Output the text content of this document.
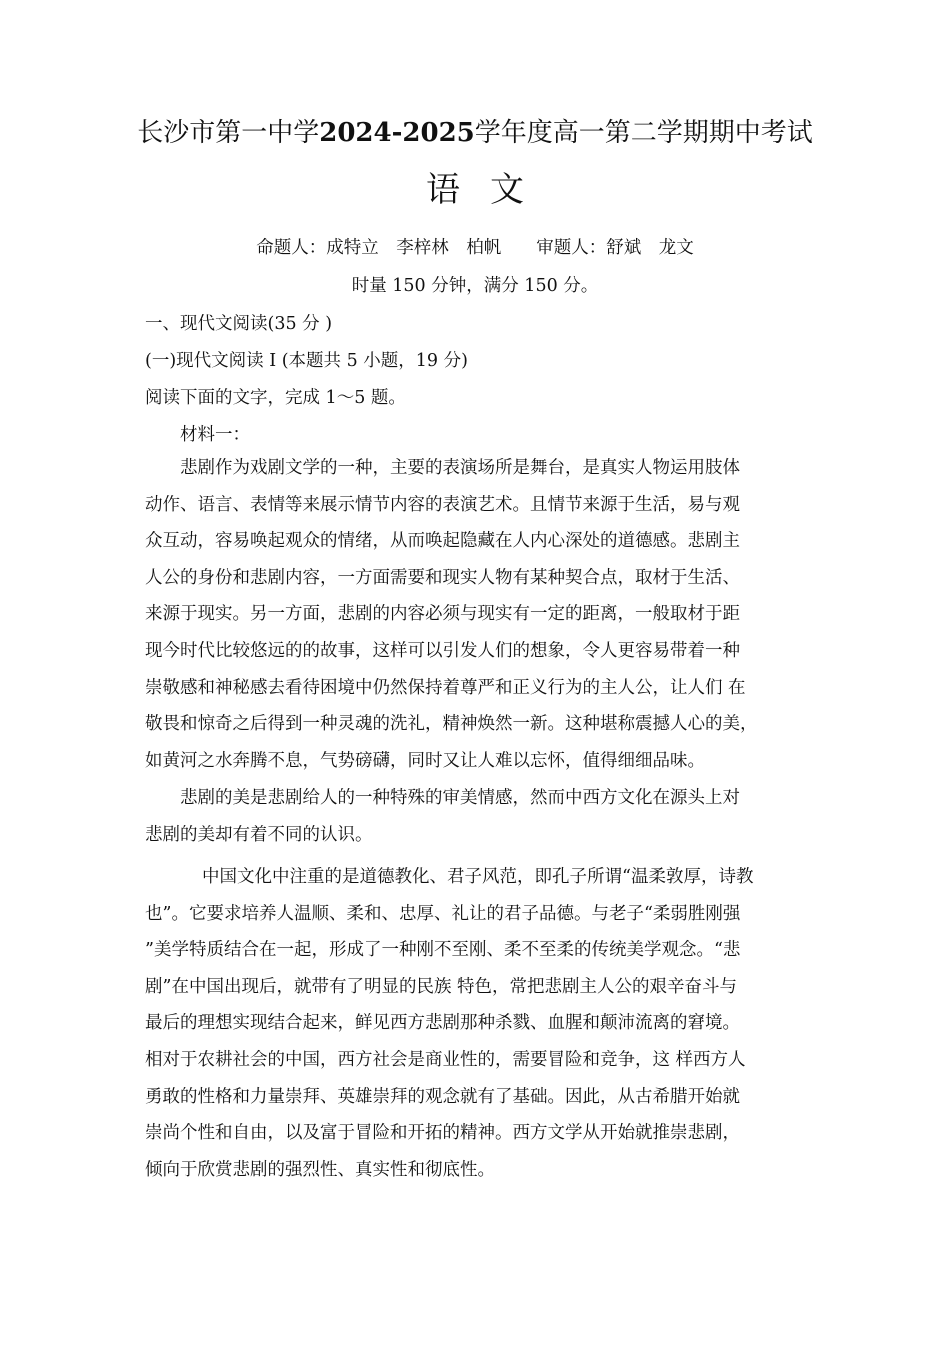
长沙市第一中学2024-2025学年度高一第二学期期中考试
语文
命题人：成特立　李梓林　柏帆　　审题人：舒斌　龙文
时量 150 分钟，满分 150 分。
一、现代文阅读(35 分 )
(一)现代文阅读 I (本题共 5 小题，19 分)
阅读下面的文字，完成 1～5 题。
材料一：
悲剧作为戏剧文学的一种，主要的表演场所是舞台，是真实人物运用肢体
动作、语言、表情等来展示情节内容的表演艺术。且情节来源于生活，易与观
众互动，容易唤起观众的情绪，从而唤起隐藏在人内心深处的道德感。悲剧主
人公的身份和悲剧内容，一方面需要和现实人物有某种契合点，取材于生活、
来源于现实。另一方面，悲剧的内容必须与现实有一定的距离，一般取材于距
现今时代比较悠远的的故事，这样可以引发人们的想象，令人更容易带着一种
崇敬感和神秘感去看待困境中仍然保持着尊严和正义行为的主人公，让人们 在
敬畏和惊奇之后得到一种灵魂的洗礼，精神焕然一新。这种堪称震撼人心的美，
如黄河之水奔腾不息，气势磅礴，同时又让人难以忘怀，值得细细品味。
悲剧的美是悲剧给人的一种特殊的审美情感，然而中西方文化在源头上对
悲剧的美却有着不同的认识。
中国文化中注重的是道德教化、君子风范，即孔子所谓“温柔敦厚，诗教
也”。它要求培养人温顺、柔和、忠厚、礼让的君子品德。与老子“柔弱胜刚强
”美学特质结合在一起，形成了一种刚不至刚、柔不至柔的传统美学观念。“悲
剧”在中国出现后，就带有了明显的民族 特色，常把悲剧主人公的艰辛奋斗与
最后的理想实现结合起来，鲜见西方悲剧那种杀戮、血腥和颠沛流离的窘境。
相对于农耕社会的中国，西方社会是商业性的，需要冒险和竞争，这 样西方人
勇敢的性格和力量崇拜、英雄崇拜的观念就有了基础。因此，从古希腊开始就
崇尚个性和自由，以及富于冒险和开拓的精神。西方文学从开始就推崇悲剧，
倾向于欣赏悲剧的强烈性、真实性和彻底性。
